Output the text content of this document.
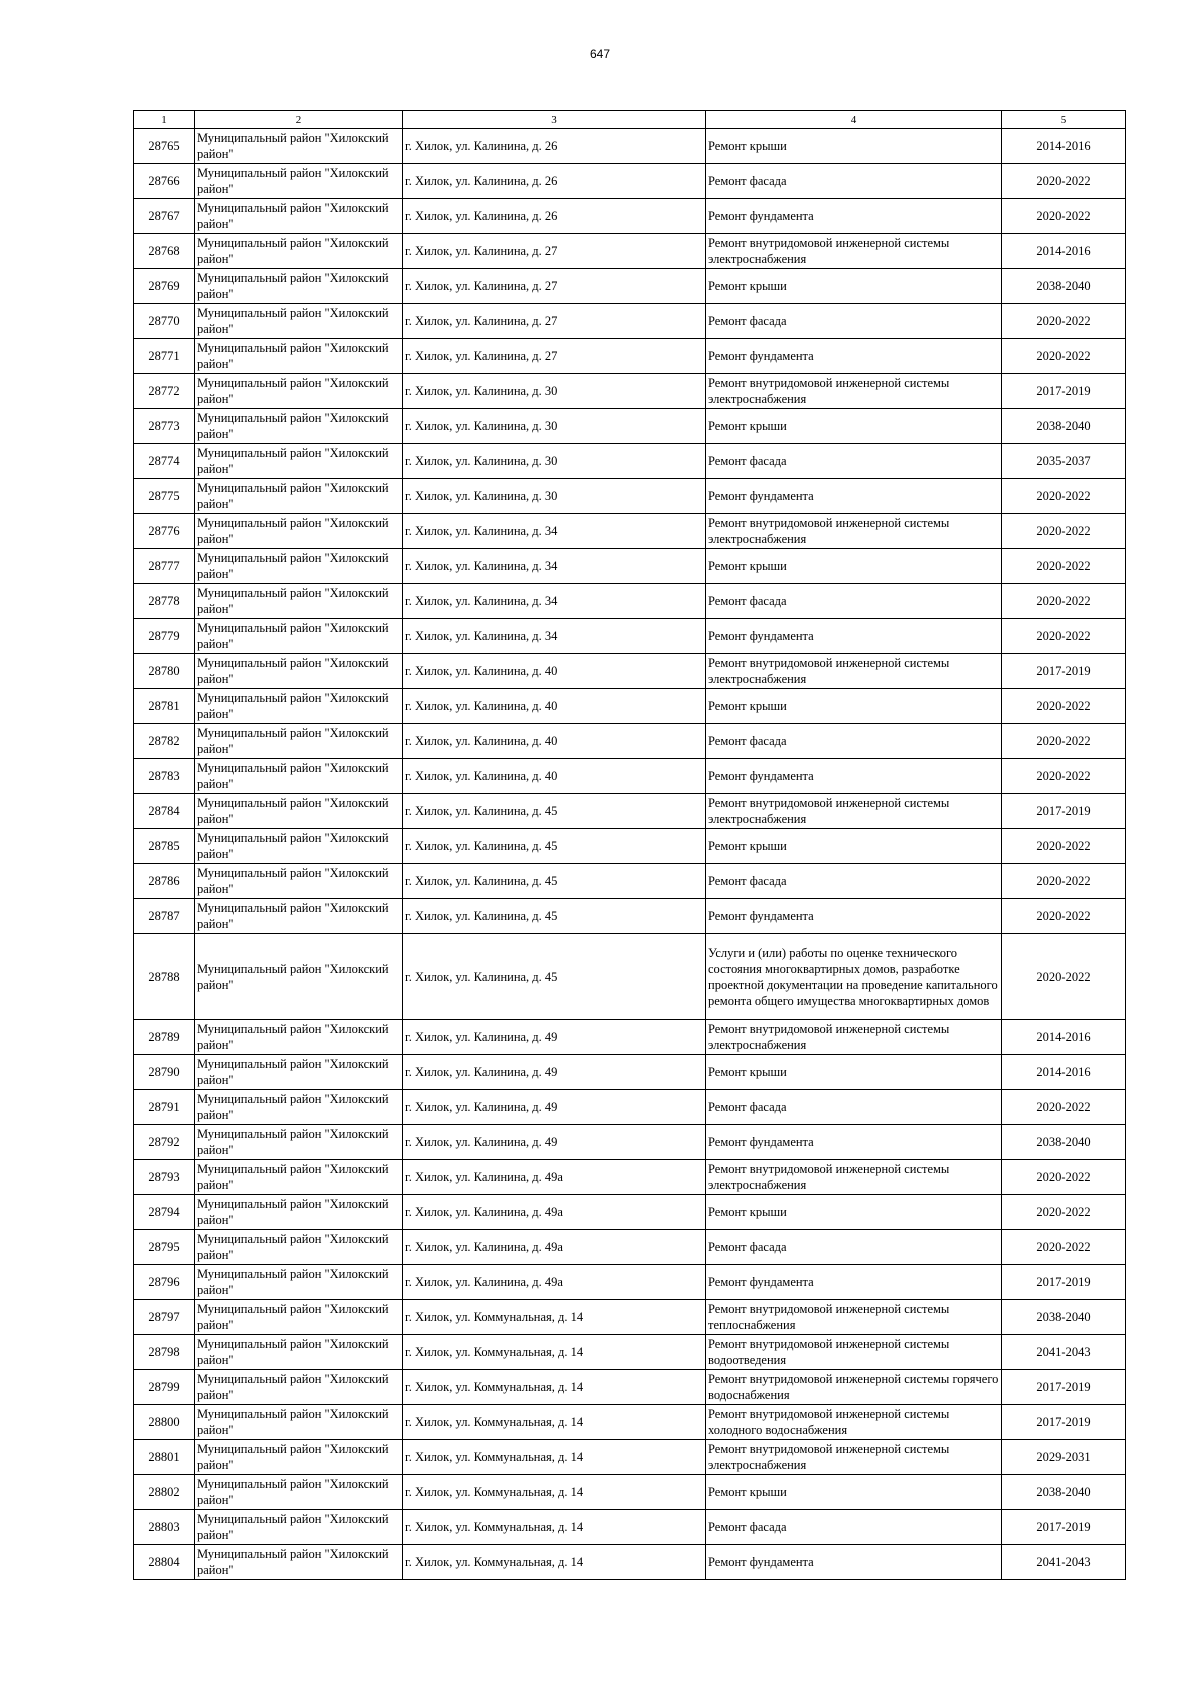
647
1	2	3	4	5
28765	Муниципальный район "Хилокский район"	г. Хилок, ул. Калинина, д. 26	Ремонт крыши	2014-2016
28766	Муниципальный район "Хилокский район"	г. Хилок, ул. Калинина, д. 26	Ремонт фасада	2020-2022
28767	Муниципальный район "Хилокский район"	г. Хилок, ул. Калинина, д. 26	Ремонт фундамента	2020-2022
28768	Муниципальный район "Хилокский район"	г. Хилок, ул. Калинина, д. 27	Ремонт внутридомовой инженерной системы электроснабжения	2014-2016
28769	Муниципальный район "Хилокский район"	г. Хилок, ул. Калинина, д. 27	Ремонт крыши	2038-2040
28770	Муниципальный район "Хилокский район"	г. Хилок, ул. Калинина, д. 27	Ремонт фасада	2020-2022
28771	Муниципальный район "Хилокский район"	г. Хилок, ул. Калинина, д. 27	Ремонт фундамента	2020-2022
28772	Муниципальный район "Хилокский район"	г. Хилок, ул. Калинина, д. 30	Ремонт внутридомовой инженерной системы электроснабжения	2017-2019
28773	Муниципальный район "Хилокский район"	г. Хилок, ул. Калинина, д. 30	Ремонт крыши	2038-2040
28774	Муниципальный район "Хилокский район"	г. Хилок, ул. Калинина, д. 30	Ремонт фасада	2035-2037
28775	Муниципальный район "Хилокский район"	г. Хилок, ул. Калинина, д. 30	Ремонт фундамента	2020-2022
28776	Муниципальный район "Хилокский район"	г. Хилок, ул. Калинина, д. 34	Ремонт внутридомовой инженерной системы электроснабжения	2020-2022
28777	Муниципальный район "Хилокский район"	г. Хилок, ул. Калинина, д. 34	Ремонт крыши	2020-2022
28778	Муниципальный район "Хилокский район"	г. Хилок, ул. Калинина, д. 34	Ремонт фасада	2020-2022
28779	Муниципальный район "Хилокский район"	г. Хилок, ул. Калинина, д. 34	Ремонт фундамента	2020-2022
28780	Муниципальный район "Хилокский район"	г. Хилок, ул. Калинина, д. 40	Ремонт внутридомовой инженерной системы электроснабжения	2017-2019
28781	Муниципальный район "Хилокский район"	г. Хилок, ул. Калинина, д. 40	Ремонт крыши	2020-2022
28782	Муниципальный район "Хилокский район"	г. Хилок, ул. Калинина, д. 40	Ремонт фасада	2020-2022
28783	Муниципальный район "Хилокский район"	г. Хилок, ул. Калинина, д. 40	Ремонт фундамента	2020-2022
28784	Муниципальный район "Хилокский район"	г. Хилок, ул. Калинина, д. 45	Ремонт внутридомовой инженерной системы электроснабжения	2017-2019
28785	Муниципальный район "Хилокский район"	г. Хилок, ул. Калинина, д. 45	Ремонт крыши	2020-2022
28786	Муниципальный район "Хилокский район"	г. Хилок, ул. Калинина, д. 45	Ремонт фасада	2020-2022
28787	Муниципальный район "Хилокский район"	г. Хилок, ул. Калинина, д. 45	Ремонт фундамента	2020-2022
28788	Муниципальный район "Хилокский район"	г. Хилок, ул. Калинина, д. 45	Услуги и (или) работы по оценке технического состояния многоквартирных домов, разработке проектной документации на проведение капитального ремонта общего имущества многоквартирных домов	2020-2022
28789	Муниципальный район "Хилокский район"	г. Хилок, ул. Калинина, д. 49	Ремонт внутридомовой инженерной системы электроснабжения	2014-2016
28790	Муниципальный район "Хилокский район"	г. Хилок, ул. Калинина, д. 49	Ремонт крыши	2014-2016
28791	Муниципальный район "Хилокский район"	г. Хилок, ул. Калинина, д. 49	Ремонт фасада	2020-2022
28792	Муниципальный район "Хилокский район"	г. Хилок, ул. Калинина, д. 49	Ремонт фундамента	2038-2040
28793	Муниципальный район "Хилокский район"	г. Хилок, ул. Калинина, д. 49а	Ремонт внутридомовой инженерной системы электроснабжения	2020-2022
28794	Муниципальный район "Хилокский район"	г. Хилок, ул. Калинина, д. 49а	Ремонт крыши	2020-2022
28795	Муниципальный район "Хилокский район"	г. Хилок, ул. Калинина, д. 49а	Ремонт фасада	2020-2022
28796	Муниципальный район "Хилокский район"	г. Хилок, ул. Калинина, д. 49а	Ремонт фундамента	2017-2019
28797	Муниципальный район "Хилокский район"	г. Хилок, ул. Коммунальная, д. 14	Ремонт внутридомовой инженерной системы теплоснабжения	2038-2040
28798	Муниципальный район "Хилокский район"	г. Хилок, ул. Коммунальная, д. 14	Ремонт внутридомовой инженерной системы водоотведения	2041-2043
28799	Муниципальный район "Хилокский район"	г. Хилок, ул. Коммунальная, д. 14	Ремонт внутридомовой инженерной системы горячего водоснабжения	2017-2019
28800	Муниципальный район "Хилокский район"	г. Хилок, ул. Коммунальная, д. 14	Ремонт внутридомовой инженерной системы холодного водоснабжения	2017-2019
28801	Муниципальный район "Хилокский район"	г. Хилок, ул. Коммунальная, д. 14	Ремонт внутридомовой инженерной системы электроснабжения	2029-2031
28802	Муниципальный район "Хилокский район"	г. Хилок, ул. Коммунальная, д. 14	Ремонт крыши	2038-2040
28803	Муниципальный район "Хилокский район"	г. Хилок, ул. Коммунальная, д. 14	Ремонт фасада	2017-2019
28804	Муниципальный район "Хилокский район"	г. Хилок, ул. Коммунальная, д. 14	Ремонт фундамента	2041-2043
